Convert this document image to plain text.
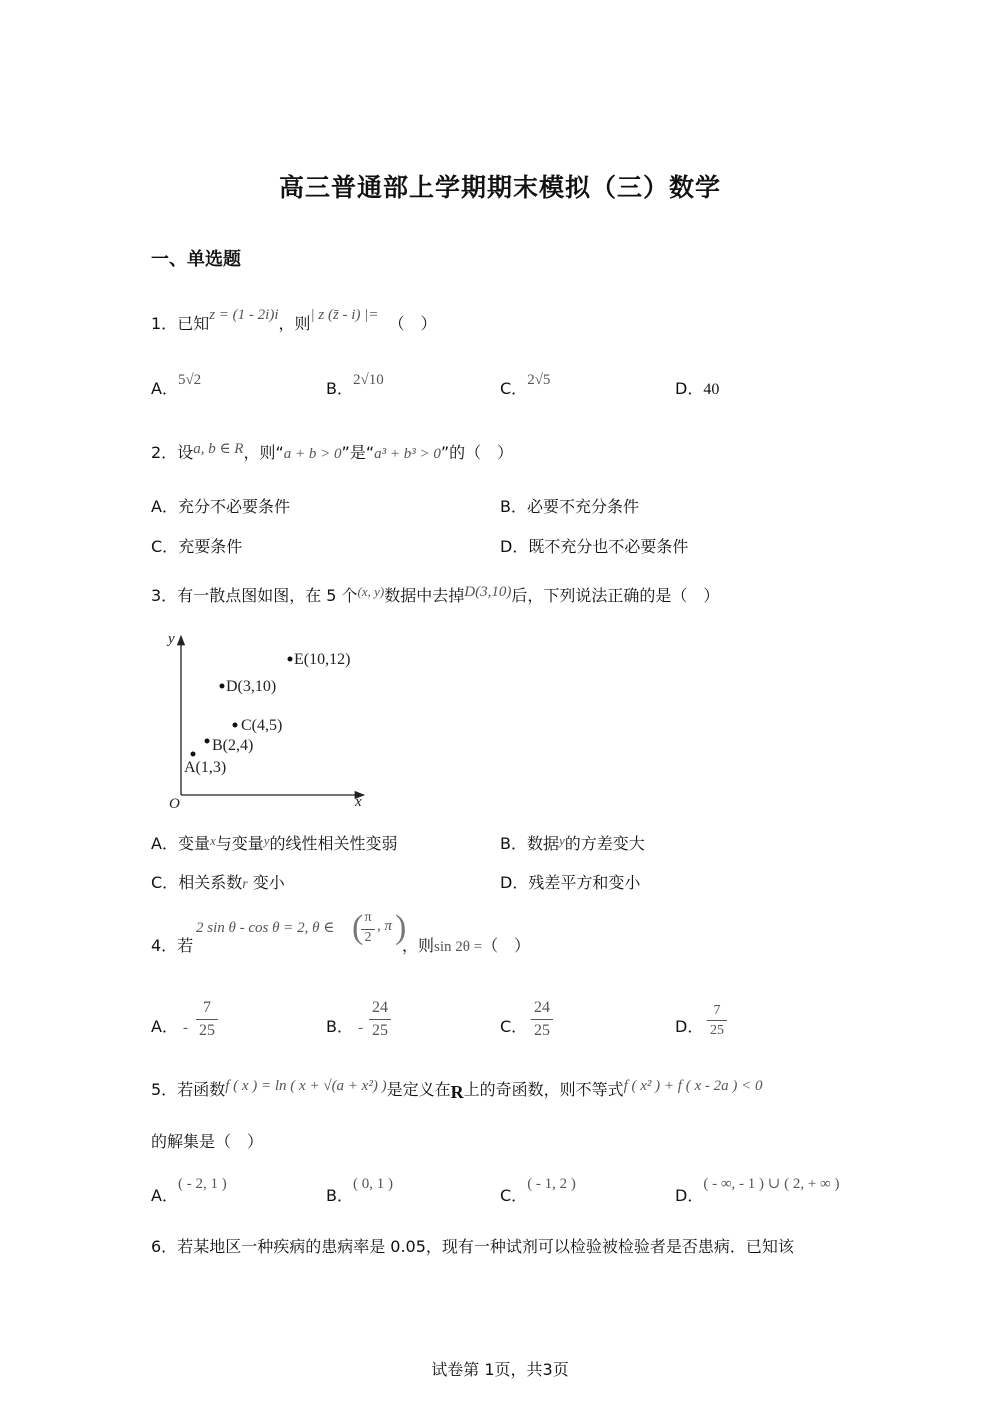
高三普通部上学期期末模拟（三）数学
一、单选题
1．已知z = (1 - 2i)i，则| z (z̄ - i) |= （　）
A．5√2	B．2√10	C．2√5	D．40
2．设a, b ∈ R，则“a + b > 0”是“a³ + b³ > 0”的（　）
A．充分不必要条件	B．必要不充分条件
C．充要条件	D．既不充分也不必要条件
3．有一散点图如图，在 5 个$^{(x, y)}$数据中去掉D(3,10)后，下列说法正确的是（　）
y
x
O
A(1,3)
B(2,4)
C(4,5)
D(3,10)
E(10,12)
A．变量$^x$与变量$^y$的线性相关性变弱	B．数据$^y$的方差变大
C．相关系数r 变小	D．残差平方和变小
4．若
2 sin θ - cos θ = 2, θ ∈ ( π
2
, π )
，则sin 2θ =（　）
A． -
7
25	B． -
24
25	C．
24
25	D．
7
25
5．若函数f ( x ) = ln ( x + √(a + x²) )是定义在R上的奇函数，则不等式f ( x² ) + f ( x - 2a ) < 0
的解集是（　）
A．( - 2, 1 )
B．( 0, 1 )
C．( - 1, 2 )
D．( - ∞, - 1 ) ∪ ( 2, + ∞ )
6．若某地区一种疾病的患病率是 0.05，现有一种试剂可以检验被检验者是否患病．已知该
试卷第 1页，共3页
